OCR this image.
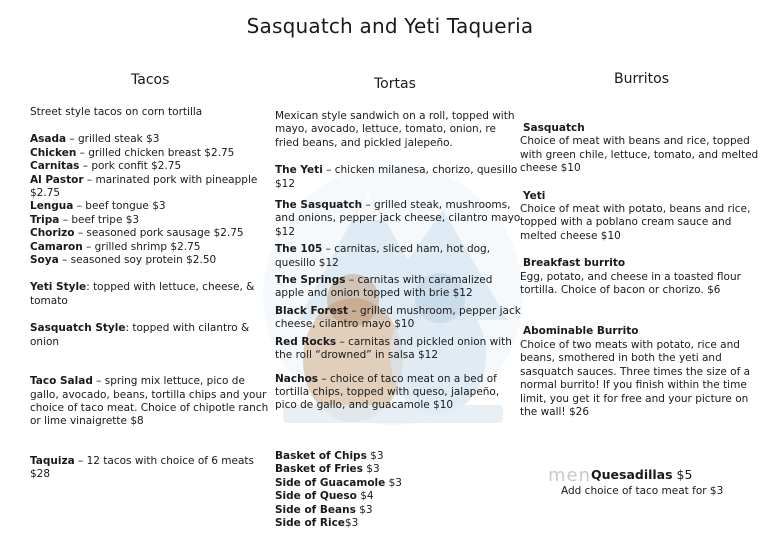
Sasquatch and Yeti Taqueria
Tacos
Street style tacos on corn tortilla
Asada – grilled steak $3
Chicken – grilled chicken breast $2.75
Carnitas – pork confit $2.75
Al Pastor – marinated pork with pineapple $2.75
Lengua – beef tongue $3
Tripa – beef tripe $3
Chorizo – seasoned pork sausage $2.75
Camaron – grilled shrimp $2.75
Soya – seasoned soy protein $2.50
Yeti Style: topped with lettuce, cheese, & tomato
Sasquatch Style: topped with cilantro & onion
Taco Salad – spring mix lettuce, pico de gallo, avocado, beans, tortilla chips and your choice of taco meat. Choice of chipotle ranch or lime vinaigrette $8
Taquiza – 12 tacos with choice of 6 meats $28
Tortas
Mexican style sandwich on a roll, topped with mayo, avocado, lettuce, tomato, onion, re fried beans, and pickled jalepeño.
The Yeti – chicken milanesa, chorizo, quesillo $12
The Sasquatch – grilled steak, mushrooms, and onions, pepper jack cheese, cilantro mayo $12
The 105 – carnitas, sliced ham, hot dog, quesillo $12
The Springs – carnitas with caramalized apple and onion topped with brie $12
Black Forest – grilled mushroom, pepper jack cheese, cilantro mayo $10
Red Rocks – carnitas and pickled onion with the roll “drowned” in salsa $12
Nachos – choice of taco meat on a bed of tortilla chips, topped with queso, jalapeño, pico de gallo, and guacamole $10
Basket of Chips $3
Basket of Fries $3
Side of Guacamole $3
Side of Queso $4
Side of Beans $3
Side of Rice$3
Burritos
Sasquatch
Choice of meat with beans and rice, topped with green chile, lettuce, tomato, and melted cheese $10
Yeti
Choice of meat with potato, beans and rice, topped with a poblano cream sauce and melted cheese $10
Breakfast burrito
Egg, potato, and cheese in a toasted flour tortilla. Choice of bacon or chorizo. $6
Abominable Burrito
Choice of two meats with potato, rice and beans, smothered in both the yeti and sasquatch sauces. Three times the size of a normal burrito! If you finish within the time limit, you get it for free and your picture on the wall! $26
men Quesadillas $5
Add choice of taco meat for $3
